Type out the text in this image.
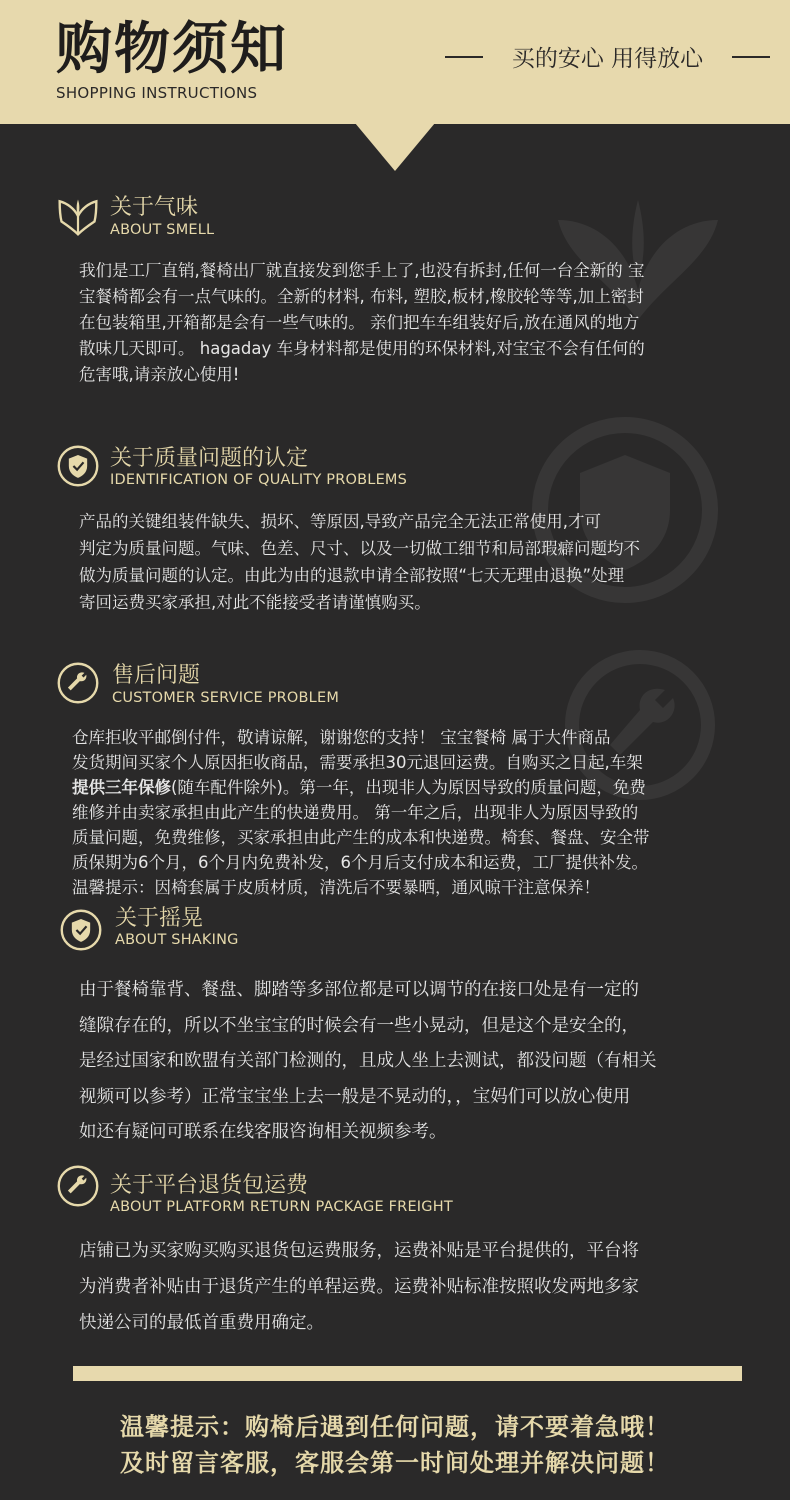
购物须知
SHOPPING INSTRUCTIONS
买的安心 用得放心
关于气味
ABOUT SMELL
我们是工厂直销,餐椅出厂就直接发到您手上了,也没有拆封,任何一台全新的 宝
宝餐椅都会有一点气味的。全新的材料, 布料, 塑胶,板材,橡胶轮等等,加上密封
在包装箱里,开箱都是会有一些气味的。 亲们把车车组装好后,放在通风的地方
散味几天即可。 hagaday 车身材料都是使用的环保材料,对宝宝不会有任何的
危害哦,请亲放心使用!
关于质量问题的认定
IDENTIFICATION OF QUALITY PROBLEMS
产品的关键组装件缺失、损坏、等原因,导致产品完全无法正常使用,才可
判定为质量问题。气味、色差、尺寸、以及一切做工细节和局部瑕癖问题均不
做为质量问题的认定。由此为由的退款申请全部按照“七天无理由退换”处理
寄回运费买家承担,对此不能接受者请谨慎购买。
售后问题
CUSTOMER SERVICE PROBLEM
仓库拒收平邮倒付件，敬请谅解，谢谢您的支持！ 宝宝餐椅 属于大件商品
发货期间买家个人原因拒收商品，需要承担30元退回运费。自购买之日起,车架
提供三年保修(随车配件除外)。第一年，出现非人为原因导致的质量问题，免费
维修并由卖家承担由此产生的快递费用。 第一年之后，出现非人为原因导致的
质量问题，免费维修，买家承担由此产生的成本和快递费。椅套、餐盘、安全带
质保期为6个月，6个月内免费补发，6个月后支付成本和运费，工厂提供补发。
温馨提示：因椅套属于皮质材质，清洗后不要暴晒，通风晾干注意保养！
关于摇晃
ABOUT SHAKING
由于餐椅靠背、餐盘、脚踏等多部位都是可以调节的在接口处是有一定的
缝隙存在的，所以不坐宝宝的时候会有一些小晃动，但是这个是安全的，
是经过国家和欧盟有关部门检测的，且成人坐上去测试，都没问题（有相关
视频可以参考）正常宝宝坐上去一般是不晃动的，，宝妈们可以放心使用
如还有疑问可联系在线客服咨询相关视频参考。
关于平台退货包运费
ABOUT PLATFORM RETURN PACKAGE FREIGHT
店铺已为买家购买购买退货包运费服务，运费补贴是平台提供的，平台将
为消费者补贴由于退货产生的单程运费。运费补贴标准按照收发两地多家
快递公司的最低首重费用确定。
温馨提示：购椅后遇到任何问题，请不要着急哦！
及时留言客服，客服会第一时间处理并解决问题！
